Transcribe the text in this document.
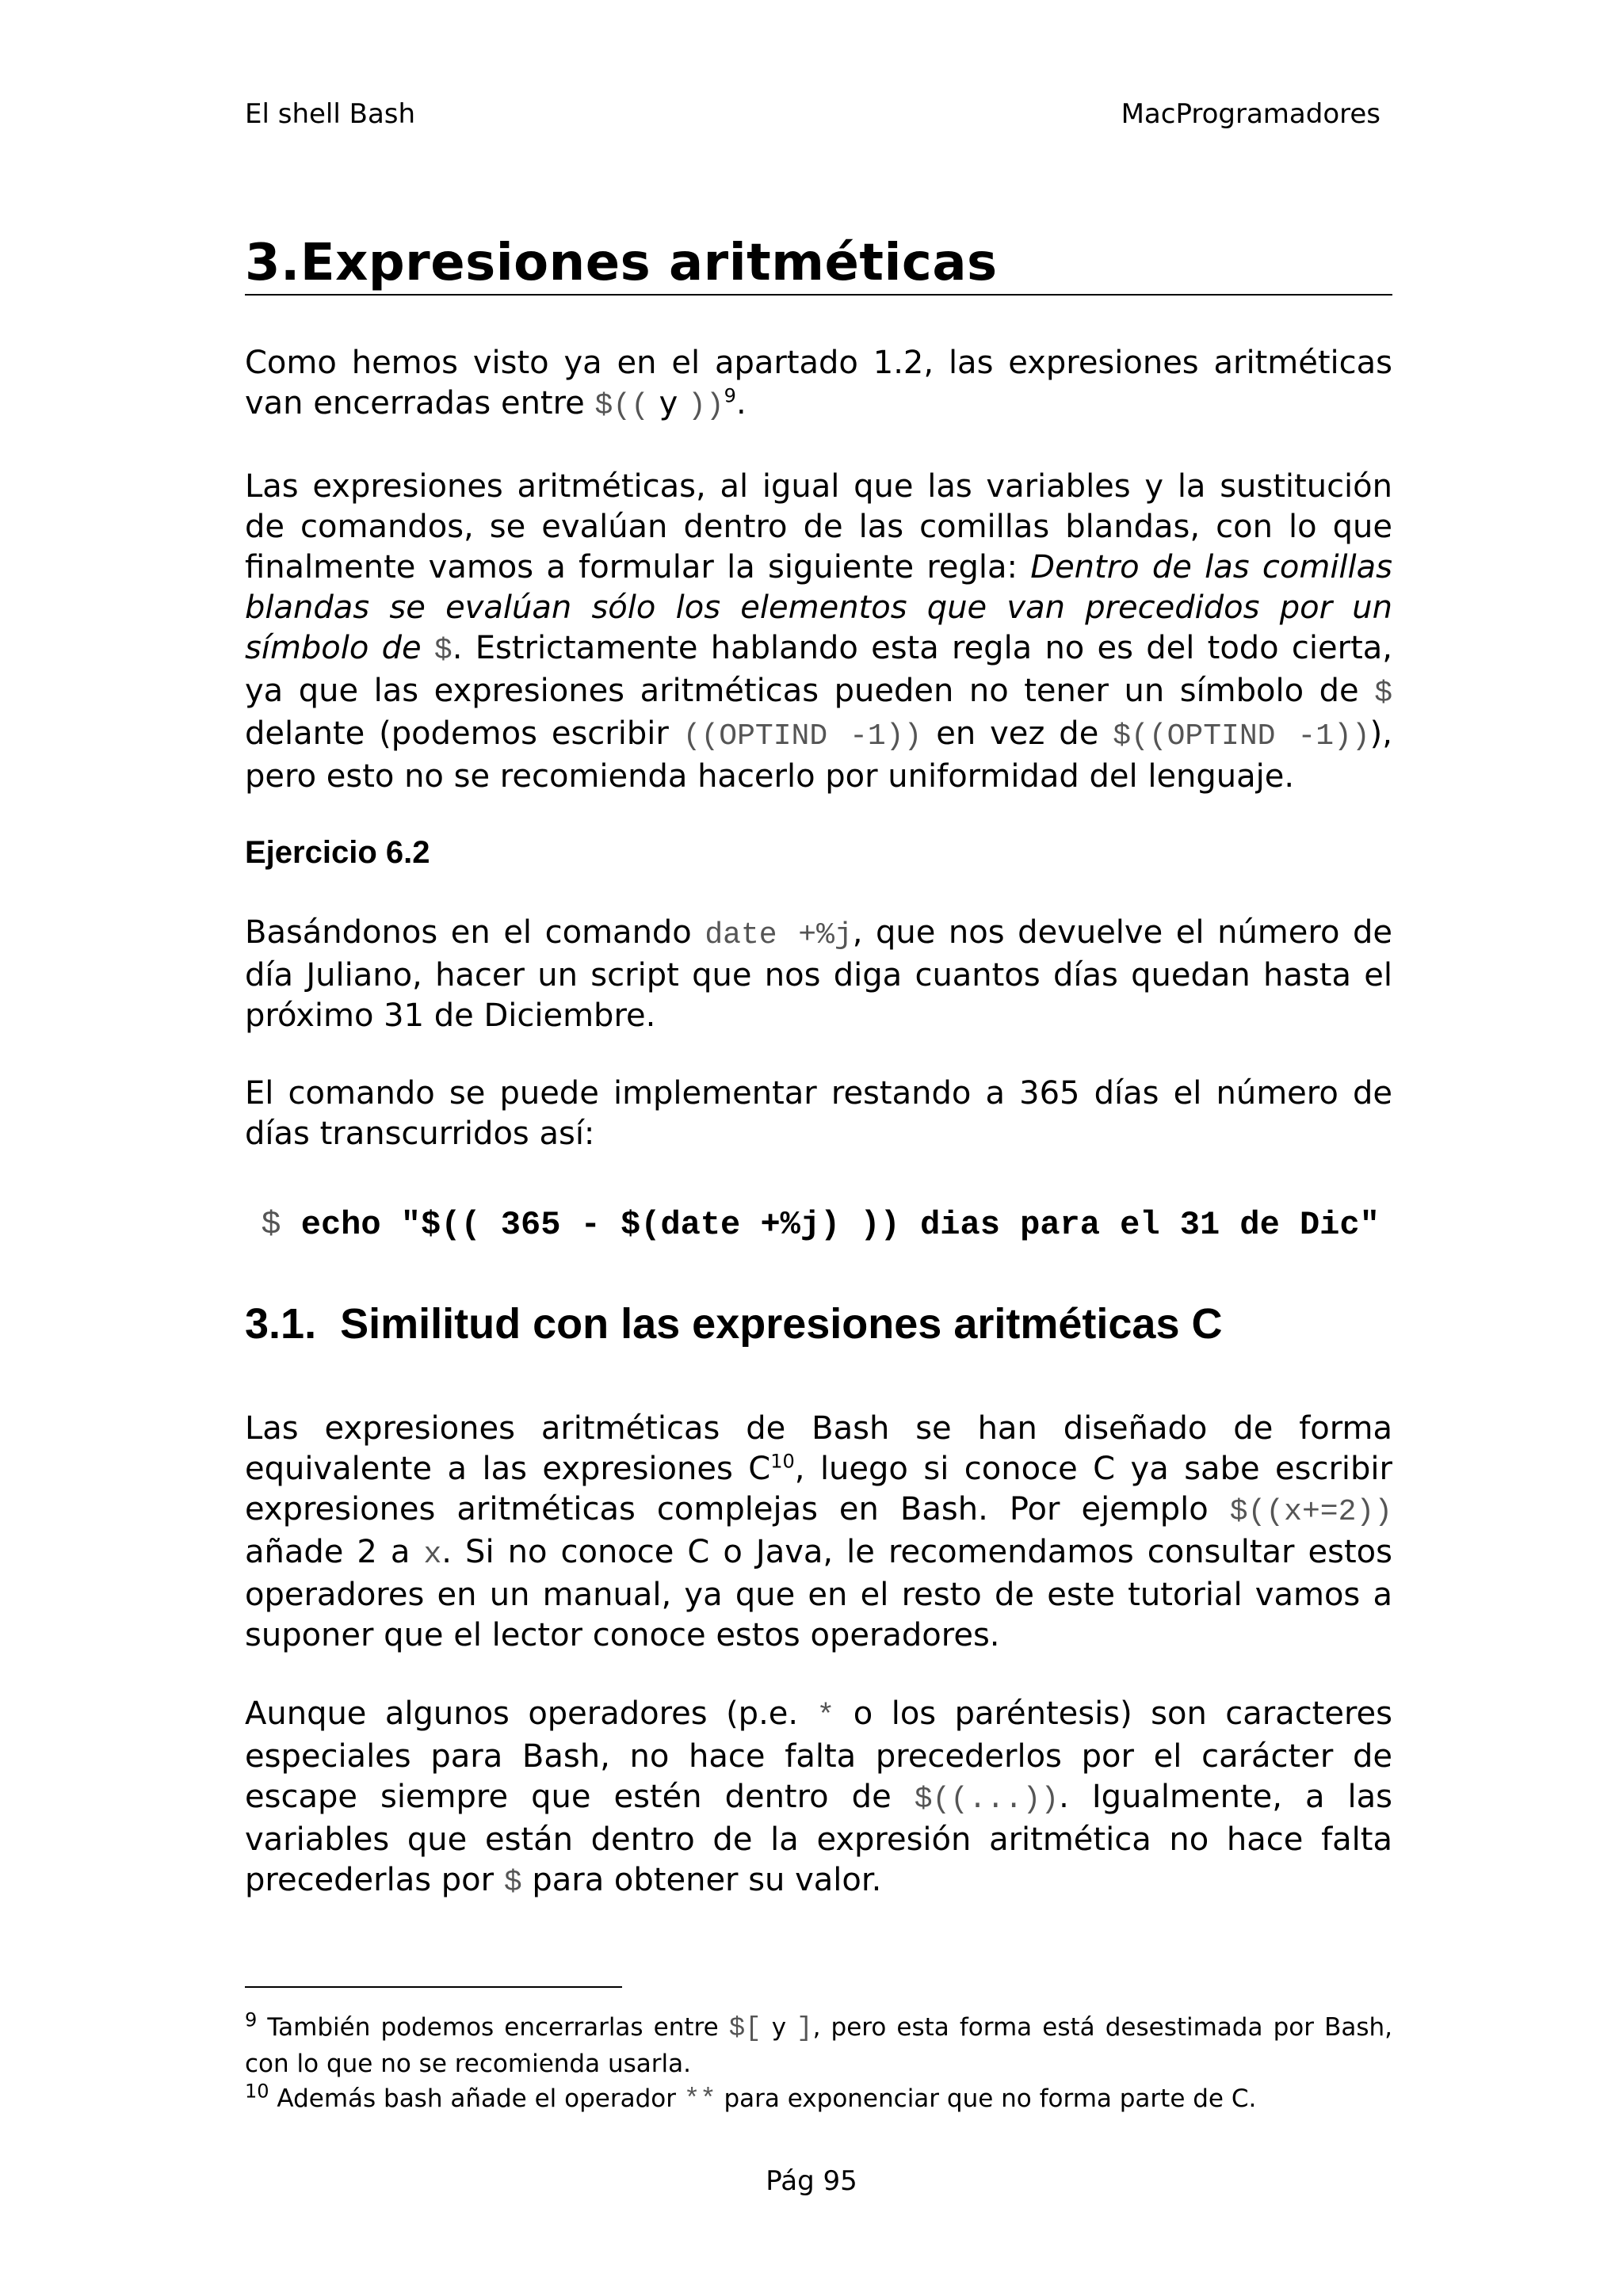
El shell Bash	MacProgramadores
3.Expresiones aritméticas
Como hemos visto ya en el apartado 1.2, las expresiones aritméticas van encerradas entre $(( y ))$^9$.
Las expresiones aritméticas, al igual que las variables y la sustitución de comandos, se evalúan dentro de las comillas blandas, con lo que finalmente vamos a formular la siguiente regla: Dentro de las comillas blandas se evalúan sólo los elementos que van precedidos por un símbolo de $. Estrictamente hablando esta regla no es del todo cierta, ya que las expresiones aritméticas pueden no tener un símbolo de $ delante (podemos escribir ((OPTIND -1)) en vez de $((OPTIND -1))), pero esto no se recomienda hacerlo por uniformidad del lenguaje.
Ejercicio 6.2
Basándonos en el comando date +%j, que nos devuelve el número de día Juliano, hacer un script que nos diga cuantos días quedan hasta el próximo 31 de Diciembre.
El comando se puede implementar restando a 365 días el número de días transcurridos así:

$ echo "$(( 365 - $(date +%j) )) dias para el 31 de Dic"

3.1. Similitud con las expresiones aritméticas C
Las expresiones aritméticas de Bash se han diseñado de forma equivalente a las expresiones $C^{10}$, luego si conoce C ya sabe escribir expresiones aritméticas complejas en Bash. Por ejemplo $((x+=2)) añade 2 a x. Si no conoce C o Java, le recomendamos consultar estos operadores en un manual, ya que en el resto de este tutorial vamos a suponer que el lector conoce estos operadores.
Aunque algunos operadores (p.e. * o los paréntesis) son caracteres especiales para Bash, no hace falta precederlos por el carácter de escape siempre que estén dentro de $((...)). Igualmente, a las variables que están dentro de la expresión aritmética no hace falta precederlas por $ para obtener su valor.
$^9$ También podemos encerrarlas entre $[ y ], pero esta forma está desestimada por Bash, con lo que no se recomienda usarla.
$^{10}$ Además bash añade el operador ** para exponenciar que no forma parte de C.
Pág 95
